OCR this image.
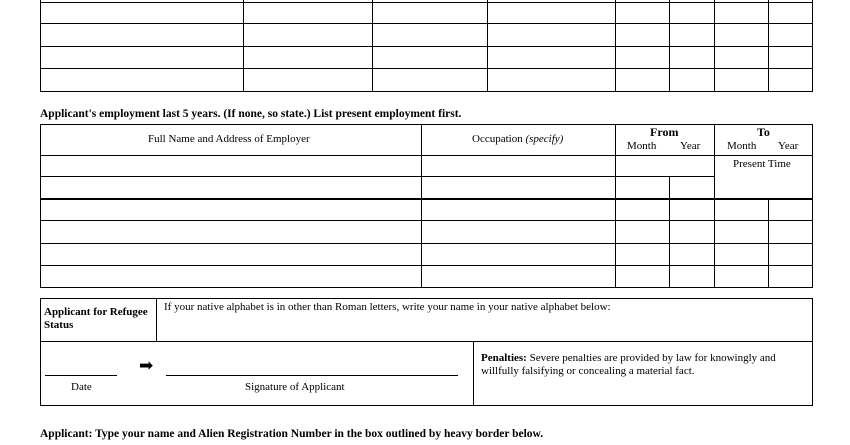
Applicant's employment last 5 years. (If none, so state.) List present employment first.
Full Name and Address of Employer	Occupation (specify)	From	To
Month Year Month Year
Present Time
Applicant for Refugee Status
If your native alphabet is in other than Roman letters, write your name in your native alphabet below:
Date
➡
Signature of Applicant
Penalties: Severe penalties are provided by law for knowingly and willfully falsifying or concealing a material fact.
Applicant: Type your name and Alien Registration Number in the box outlined by heavy border below.
